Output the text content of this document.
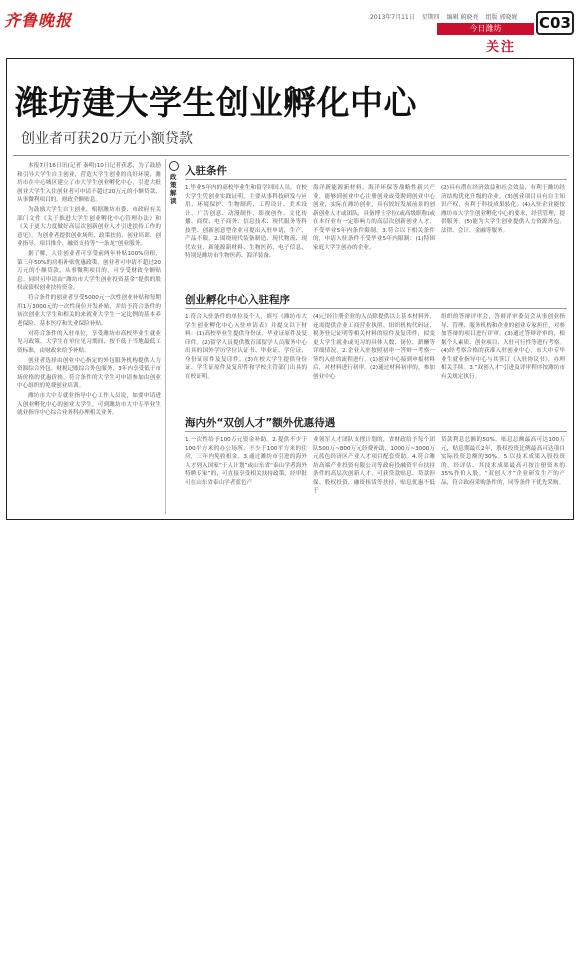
齐鲁晚报	2013年7月11日 星期四 编辑 蔚晓亮 组版 郭晓娓	C03
今日潍坊
关注
潍坊建大学生创业孵化中心
创业者可获20万元小额贷款

本报7月16日讯(记者 秦明)10日记者获悉，为了鼓励和引导大学生自主创业，营造大学生创业的良好环境，潍坊市在中心城区建立了市大学生创业孵化中心，引进大批创业大学生入住创业者可申请不超过20万元的小额贷款，从事微利项目的，财政全额贴息。

为鼓励大学生自主创业，根据潍坊市委、市政府有关部门文件《关于推进大学生创业孵化中心管理办法》和《关于更大力度做好高层次创新创业人才引进扶持工作的意见》，为创业者提供创业场所、政策扶持、创业培训、创业指导、项目推介、融资支持等“一条龙”创业服务。

据了解，人住创业者可享受前两年补贴100%房租，第三年50%的房租补贴优惠政策，创业者可申请不超过20万元的小额贷款，从事微利项目的，可享受财政全额贴息。同时可申请由“潍坊市大学生创业投资基金”提供的股权或债权创业扶持资金。

符合条件的创业者享受5000元一次性创业补贴和每期用1万3000元的一次性岗位开发补贴，并给予符合条件的初次创业大学生和相关的来就业大学生一定比例的基本养老保险、基本医疗和失业保险补贴。

对符合条件的入驻单位，享受潍坊市高校毕业生就业见习政策，大学生在单位见习期间，按不低于当地最低工资标准，由财政来给予补贴。

创业者选择由创业中心指定的外包服务机构提供人力资源综合外包、财税记账综合外包服务，3年内享受低于市场价格的优惠价格。符合条件的大学生可申请参加由创业中心组织的免费创业培训。

潍坊市大中专就业指导中心工作人员说，如要申请进入创业孵化中心的创业大学生，可到潍坊市大中专毕业生就业指导中心综合业务科办理相关业务。

政策解读
入驻条件
1.毕业5年内的高校毕业生和留学回国人员，在校大学生凭创业实践证明，主要从事科技研发与应用、环境保护、生物制药、工程设计、美术设计、广告创意、动漫制作、影视创作、文化传播、商贸、电子商务、信息技术、现代服务等科技型、创新创意型企业可提出入驻申请，生产、产品不限。2.围绕现代装备制造、现代物流、现代农业、新能源新材料、生物医药、电子信息、特别是潍坊市生物医药、海洋装备、
海洋新能源新材料、海洋环保等战略性新兴产业，能够到创业中心注册创业或受聘到创业中心创业，实际在潍坊创业，具有较好发展前景的创新创业人才或团队，具备博士学位(或高级职称)或在本行业有一定影响力的高层次创新创业人才，不受毕业5年内条件限制。3.符合以下相关条件的，申请人驻条件不受毕业5年内限制：(1)特困家庭大学生创办的企业。
(2)具有潜在经济效益和社会效益，有利于潍坊经济结构优化升级的企业。(3)创业项目具有自主知识产权，有利于科技成果转化。(4)入驻企业能按潍坊市大学生创业孵化中心的要求，经营管理，提供服务。(5)能为大学生创业提供人力资源外包、法律、会计、金融等服务。
创业孵化中心入驻程序
1.符合入驻条件的单位及个人，填写《潍坊市大学生创业孵化中心入驻申请表》并提交以下材料：(1)高校毕业生提供身份证、毕业证原件及复印件。(2)留学人员提供教育部留学人员服务中心出具的国外学历学位认证书、毕业证、学位证、身份证原件及复印件。(3)在校大学生提供身份证、学生证原件及复印件和学校主管部门出具的在校证明。
(4)已经注册企业的入员除提供以上基本材料外，还需提供企业工商营业执照、组织机构代码证、税务登记证明等相关材料的原件及复印件，拟变更大学生就业或见习的具体人数、岗位、薪酬等详细情况。2.企业入驻按照初审一答辩一考察一签约入驻的流程进行。(1)创业中心接到申报材料后，对材料进行初审。(2)通过材料初审的，参加创业中心
组织的答辩评审会，答辩评审委员会从事创业指导、管理、服务机构和企业的创业专家担任，对参加答辩的项目进行评审。(3)通过答辩评审的，根据个人素质、创业项目、入驻可行性等进行考察。(4)经考察合格的获准入驻创业中心，市大中专毕业生就业指导中心与其签订《入驻协议书》，办理相关手续。3.“双创人才”引进及评审程序按潍坊市有关规定执行。
海内外“双创人才”额外优惠待遇
1.一次性给予100万元资金补助。2.提供不少于100平方米的办公场所，不少于100平方米的住房，三年内免收租金。3.通过潍坊市引进的海外人才列入国家“千人计划”或山东省“泰山学者海外特聘专家”的，可直接享受相关扶持政策，经审批可在山东省泰山学者蓝色产
业领军人才团队支撑计划的，省财政给予每个团队500万~800万元经费补助，1000万~3000万元蓝色经济区产业人才项目配套资助。4.符合潍坊高端产业投资有限公司等政府投融资平台扶持条件的高层次创新人才，可获贷款贴息、贷款担保、股权投资，融资租赁等扶持，贴息优惠不低于
贷款利息总额的50%，贴息总额最高可达100万元，贴息期最长2年，股权投资比例最高可达项目实际投资总额的30%。5.以技术成果入股投资的，经评估、其技术成果最高可按注册资本的35%作价入股。“双创人才”企业研发生产的产品，符合政府采购条件的，同等条件下优先采购。
